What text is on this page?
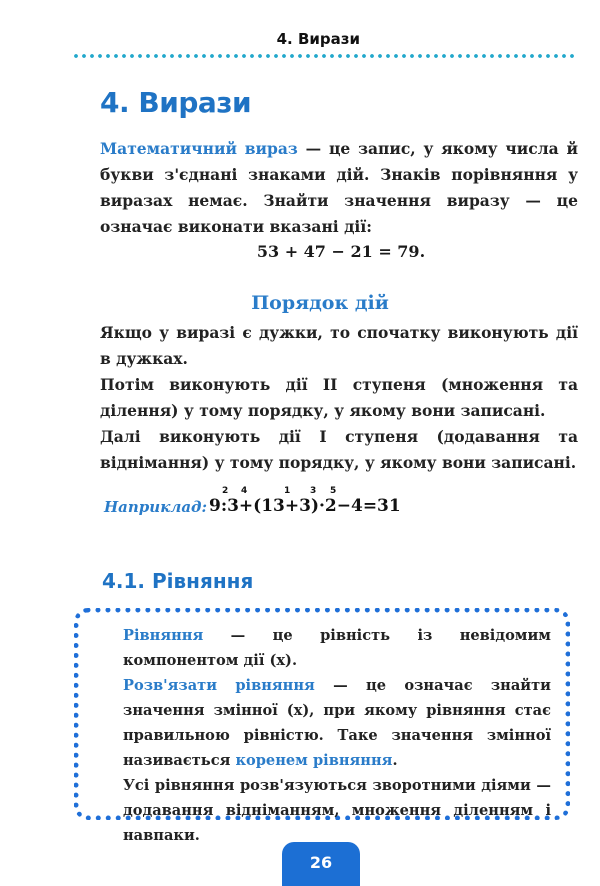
4. Вирази
4. Вирази

Математичний вираз — це запис, у якому числа й букви з'єднані знаками дій. Знаків порівняння у виразах немає. Знайти значення виразу — це означає виконати вказані дії:

53 + 47 − 21 = 79.
Порядок дій

Якщо у виразі є дужки, то спочатку виконують дії в дужках.

Потім виконують дії ІІ ступеня (множення та ділення) у тому порядку, у якому вони записані.

Далі виконують дії І ступеня (додавання та віднімання) у тому порядку, у якому вони записані.

Наприклад:
2 4	1 3 5
9:3+(13+3)·2−4=31
4.1. Рівняння

Рівняння — це рівність із невідомим компонентом дії (x).

Розв'язати рівняння — це означає знайти значення змінної (x), при якому рівняння стає правильною рівністю. Таке значення змінної називається коренем рівняння.

Усі рівняння розв'язуються зворотними діями — додавання відніманням, множення діленням і навпаки.

26
